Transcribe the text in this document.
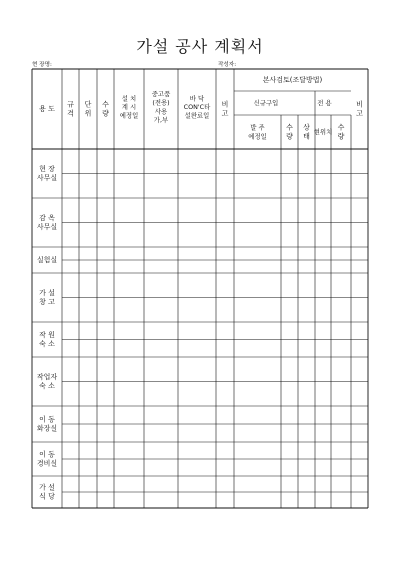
가설 공사 계획서
현 장명:	작성자:
용 도
규 격
단 위
수 량
설 치 계 시 예정일
중고품 (전용) 사용 가,부
바 닥 CON'C타 설완료일
비 고
본사검토(조달방법)
신규구입	전 용
발 주 예정일
수 량
상 태
현위치
수 량
비 고
현 장 사무실
감 옥 사무실
실험실
가 설 창 고
작 원 숙 소
작업자 숙 소
이 동 화장실
이 동 경비실
가 설 식 당
